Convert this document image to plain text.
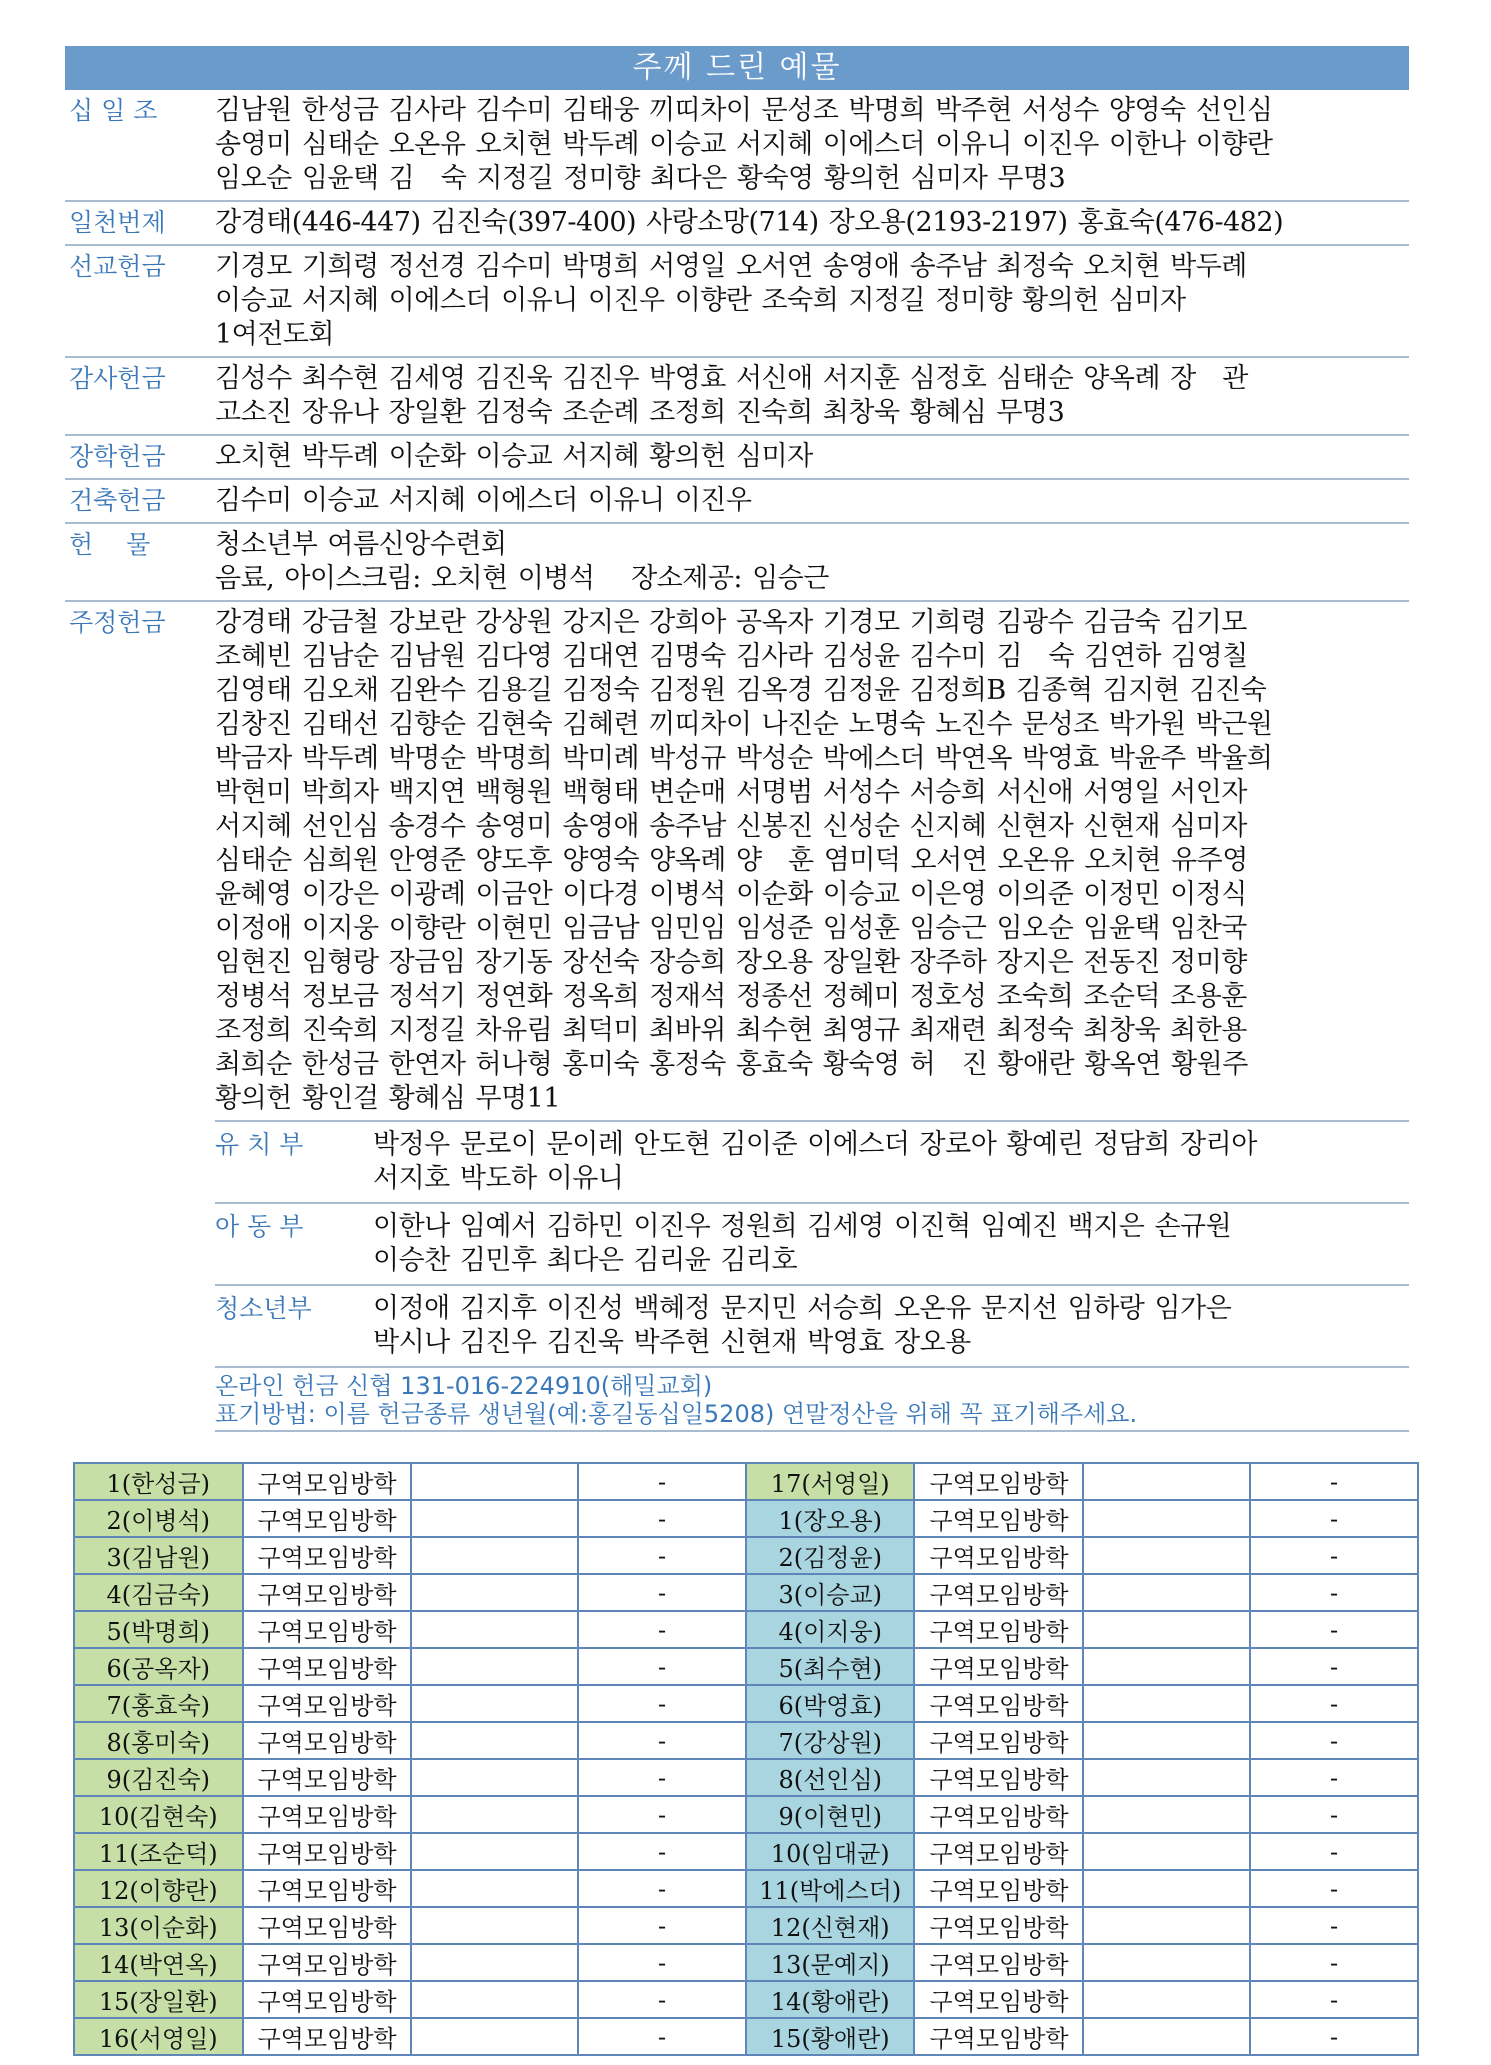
주께 드린 예물
십 일 조	김남원 한성금 김사라 김수미 김태웅 끼띠차이 문성조 박명희 박주현 서성수 양영숙 선인심
송영미 심태순 오온유 오치현 박두례 이승교 서지혜 이에스더 이유니 이진우 이한나 이향란
임오순 임윤택 김　숙 지정길 정미향 최다은 황숙영 황의헌 심미자 무명3
일천번제	강경태(446-447) 김진숙(397-400) 사랑소망(714) 장오용(2193-2197) 홍효숙(476-482)
선교헌금	기경모 기희령 정선경 김수미 박명희 서영일 오서연 송영애 송주남 최정숙 오치현 박두례
이승교 서지혜 이에스더 이유니 이진우 이향란 조숙희 지정길 정미향 황의헌 심미자
1여전도회
감사헌금	김성수 최수현 김세영 김진욱 김진우 박영효 서신애 서지훈 심정호 심태순 양옥례 장　관
고소진 장유나 장일환 김정숙 조순례 조정희 진숙희 최창욱 황혜심 무명3
장학헌금	오치현 박두례 이순화 이승교 서지혜 황의헌 심미자
건축헌금	김수미 이승교 서지혜 이에스더 이유니 이진우
헌　 물	청소년부 여름신앙수련회
음료, 아이스크림: 오치현 이병석　 장소제공: 임승근
주정헌금	강경태 강금철 강보란 강상원 강지은 강희아 공옥자 기경모 기희령 김광수 김금숙 김기모
조혜빈 김남순 김남원 김다영 김대연 김명숙 김사라 김성윤 김수미 김　숙 김연하 김영칠
김영태 김오채 김완수 김용길 김정숙 김정원 김옥경 김정윤 김정희B 김종혁 김지현 김진숙
김창진 김태선 김향순 김현숙 김혜련 끼띠차이 나진순 노명숙 노진수 문성조 박가원 박근원
박금자 박두례 박명순 박명희 박미례 박성규 박성순 박에스더 박연옥 박영효 박윤주 박율희
박현미 박희자 백지연 백형원 백형태 변순매 서명범 서성수 서승희 서신애 서영일 서인자
서지혜 선인심 송경수 송영미 송영애 송주남 신봉진 신성순 신지혜 신현자 신현재 심미자
심태순 심희원 안영준 양도후 양영숙 양옥례 양　훈 염미덕 오서연 오온유 오치현 유주영
윤혜영 이강은 이광례 이금안 이다경 이병석 이순화 이승교 이은영 이의준 이정민 이정식
이정애 이지웅 이향란 이현민 임금남 임민임 임성준 임성훈 임승근 임오순 임윤택 임찬국
임현진 임형랑 장금임 장기동 장선숙 장승희 장오용 장일환 장주하 장지은 전동진 정미향
정병석 정보금 정석기 정연화 정옥희 정재석 정종선 정혜미 정호성 조숙희 조순덕 조용훈
조정희 진숙희 지정길 차유림 최덕미 최바위 최수현 최영규 최재련 최정숙 최창욱 최한용
최희순 한성금 한연자 허나형 홍미숙 홍정숙 홍효숙 황숙영 허　진 황애란 황옥연 황원주
황의헌 황인걸 황혜심 무명11
유 치 부	박정우 문로이 문이레 안도현 김이준 이에스더 장로아 황예린 정담희 장리아
서지호 박도하 이유니
아 동 부	이한나 임예서 김하민 이진우 정원희 김세영 이진혁 임예진 백지은 손규원
이승찬 김민후 최다은 김리윤 김리호
청소년부	이정애 김지후 이진성 백혜정 문지민 서승희 오온유 문지선 임하랑 임가은
박시나 김진우 김진욱 박주현 신현재 박영효 장오용
온라인 헌금 신협 131-016-224910(해밀교회)
표기방법: 이름 헌금종류 생년월(예:홍길동십일5208) 연말정산을 위해 꼭 표기해주세요.
1(한성금)	구역모임방학		-	17(서영일)	구역모임방학		-
2(이병석)	구역모임방학		-	1(장오용)	구역모임방학		-
3(김남원)	구역모임방학		-	2(김정윤)	구역모임방학		-
4(김금숙)	구역모임방학		-	3(이승교)	구역모임방학		-
5(박명희)	구역모임방학		-	4(이지웅)	구역모임방학		-
6(공옥자)	구역모임방학		-	5(최수현)	구역모임방학		-
7(홍효숙)	구역모임방학		-	6(박영효)	구역모임방학		-
8(홍미숙)	구역모임방학		-	7(강상원)	구역모임방학		-
9(김진숙)	구역모임방학		-	8(선인심)	구역모임방학		-
10(김현숙)	구역모임방학		-	9(이현민)	구역모임방학		-
11(조순덕)	구역모임방학		-	10(임대균)	구역모임방학		-
12(이향란)	구역모임방학		-	11(박에스더)	구역모임방학		-
13(이순화)	구역모임방학		-	12(신현재)	구역모임방학		-
14(박연옥)	구역모임방학		-	13(문예지)	구역모임방학		-
15(장일환)	구역모임방학		-	14(황애란)	구역모임방학		-
16(서영일)	구역모임방학		-	15(황애란)	구역모임방학		-
